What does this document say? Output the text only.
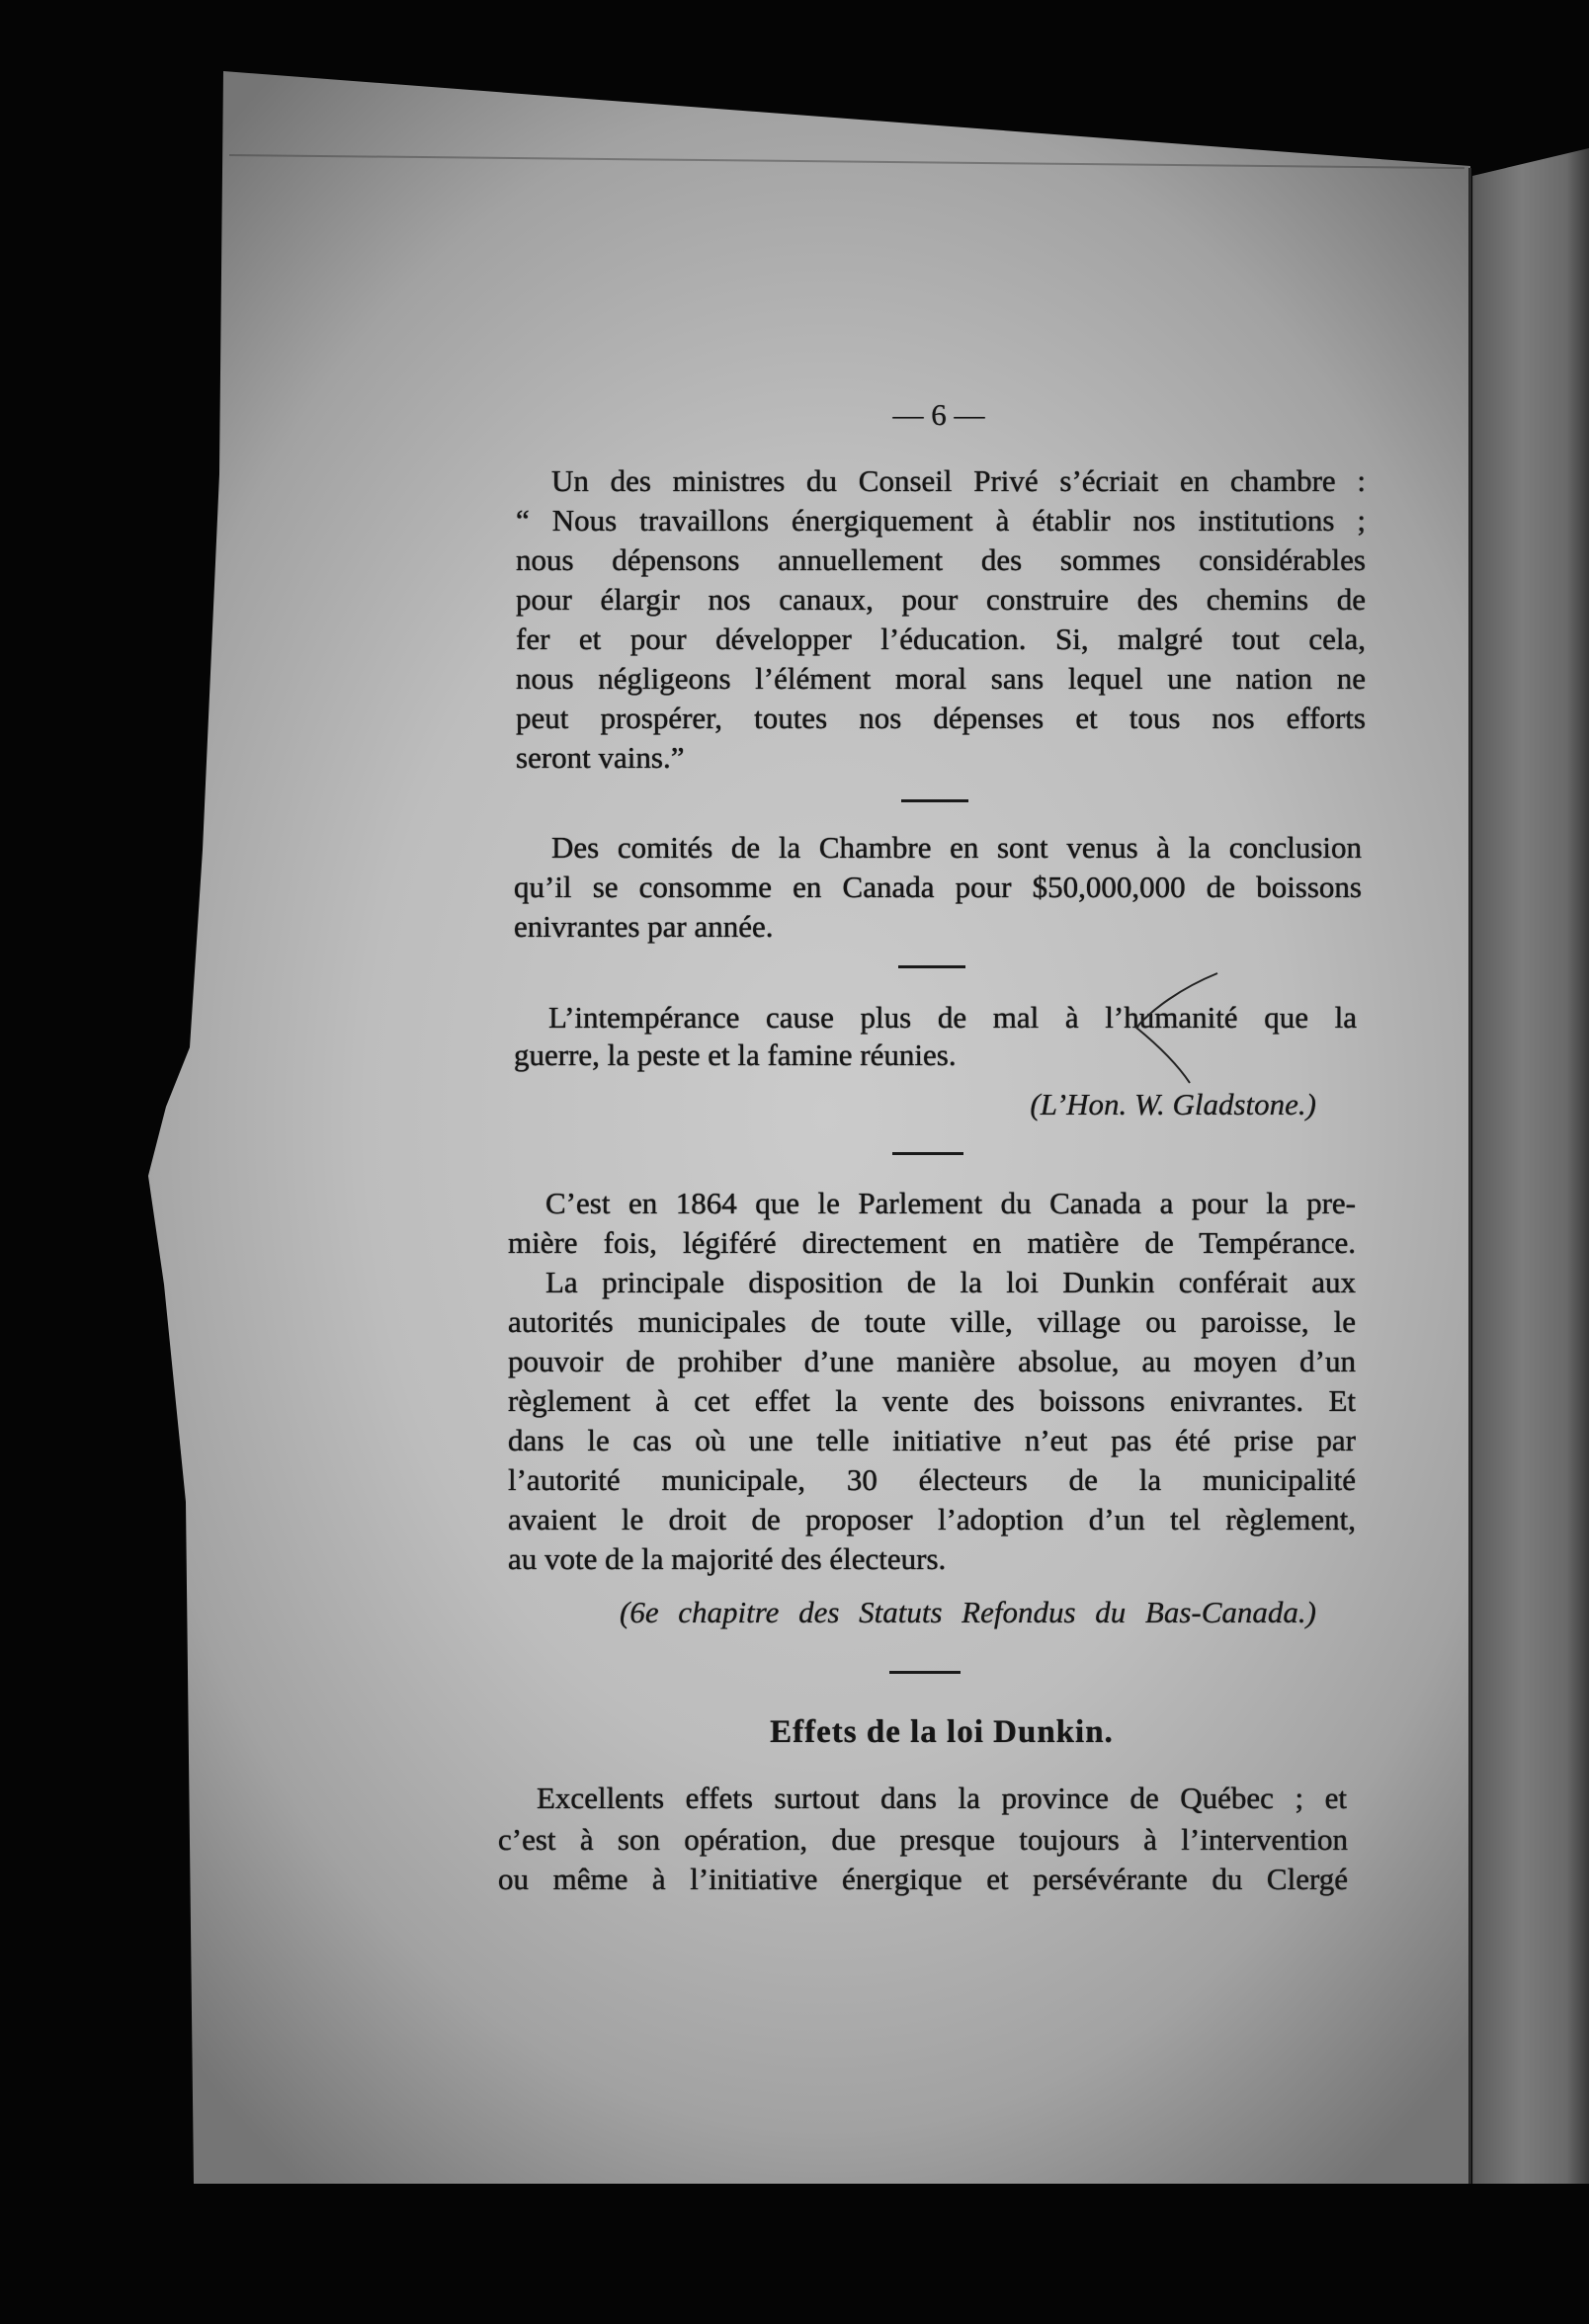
— 6 —
Un des ministres du Conseil Privé s’écriait en chambre :
“ Nous travaillons énergiquement à établir nos institutions ;
nous dépensons annuellement des sommes considérables
pour élargir nos canaux, pour construire des chemins de
fer et pour développer l’éducation. Si, malgré tout cela,
nous négligeons l’élément moral sans lequel une nation ne
peut prospérer, toutes nos dépenses et tous nos efforts
seront vains.”
Des comités de la Chambre en sont venus à la conclusion
qu’il se consomme en Canada pour $50,000,000 de boissons
enivrantes par année.
L’intempérance cause plus de mal à l’humanité que la
guerre, la peste et la famine réunies.
(L’Hon. W. Gladstone.)
C’est en 1864 que le Parlement du Canada a pour la pre-
mière fois, légiféré directement en matière de Tempérance.
La principale disposition de la loi Dunkin conférait aux
autorités municipales de toute ville, village ou paroisse, le
pouvoir de prohiber d’une manière absolue, au moyen d’un
règlement à cet effet la vente des boissons enivrantes. Et
dans le cas où une telle initiative n’eut pas été prise par
l’autorité municipale, 30 électeurs de la municipalité
avaient le droit de proposer l’adoption d’un tel règlement,
au vote de la majorité des électeurs.
(6e chapitre des Statuts Refondus du Bas-Canada.)
Effets de la loi Dunkin.
Excellents effets surtout dans la province de Québec ; et
c’est à son opération, due presque toujours à l’intervention
ou même à l’initiative énergique et persévérante du Clergé
